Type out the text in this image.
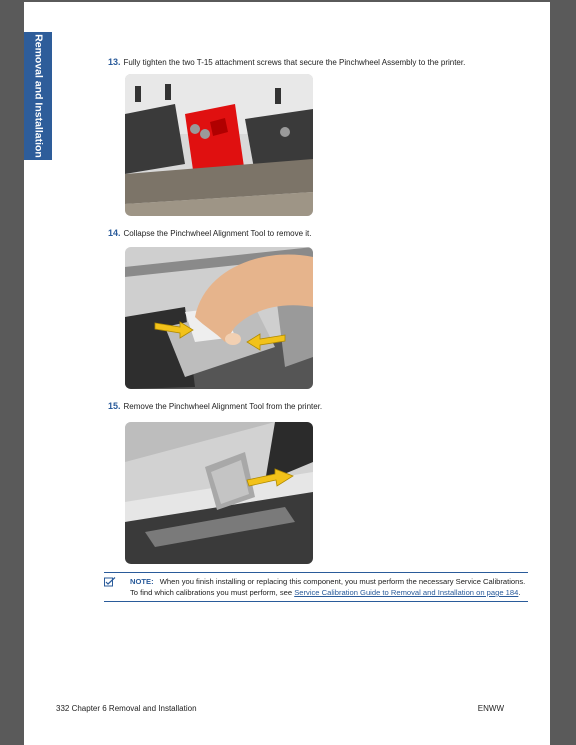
Removal and Installation	13. Fully tighten the two T-15 attachment screws that secure the Pinchwheel Assembly to the printer.
14. Collapse the Pinchwheel Alignment Tool to remove it.
15. Remove the Pinchwheel Alignment Tool from the printer.
NOTE: When you finish installing or replacing this component, you must perform the necessary Service Calibrations. To find which calibrations you must perform, see Service Calibration Guide to Removal and Installation on page 184.
332 Chapter 6 Removal and Installation	ENWW
